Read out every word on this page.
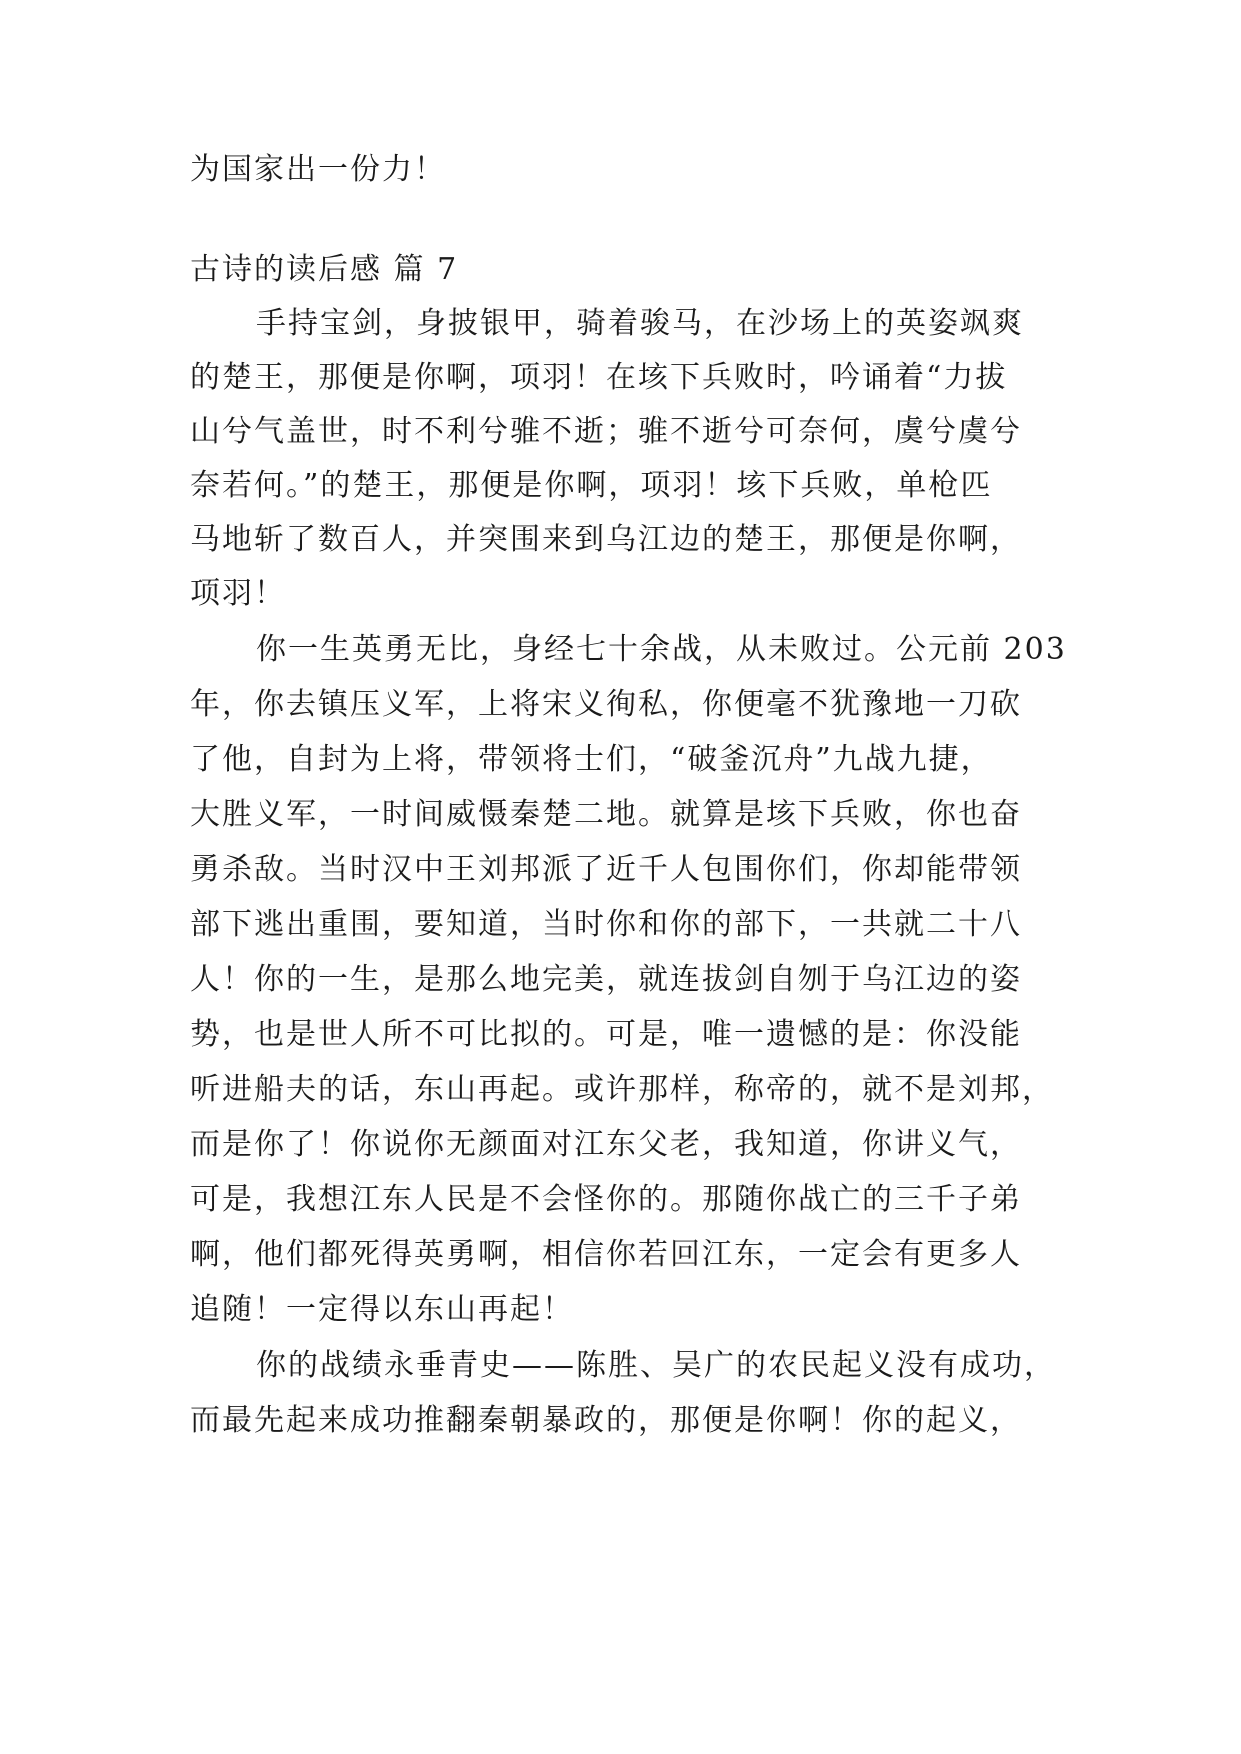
为国家出一份力！
古诗的读后感 篇 7
手持宝剑，身披银甲，骑着骏马，在沙场上的英姿飒爽
的楚王，那便是你啊，项羽！在垓下兵败时，吟诵着“力拔
山兮气盖世，时不利兮骓不逝；骓不逝兮可奈何，虞兮虞兮
奈若何。”的楚王，那便是你啊，项羽！垓下兵败，单枪匹
马地斩了数百人，并突围来到乌江边的楚王，那便是你啊，
项羽！
你一生英勇无比，身经七十余战，从未败过。公元前 203
年，你去镇压义军，上将宋义徇私，你便毫不犹豫地一刀砍
了他，自封为上将，带领将士们，“破釜沉舟”九战九捷，
大胜义军，一时间威慑秦楚二地。就算是垓下兵败，你也奋
勇杀敌。当时汉中王刘邦派了近千人包围你们，你却能带领
部下逃出重围，要知道，当时你和你的部下，一共就二十八
人！你的一生，是那么地完美，就连拔剑自刎于乌江边的姿
势，也是世人所不可比拟的。可是，唯一遗憾的是：你没能
听进船夫的话，东山再起。或许那样，称帝的，就不是刘邦，
而是你了！你说你无颜面对江东父老，我知道，你讲义气，
可是，我想江东人民是不会怪你的。那随你战亡的三千子弟
啊，他们都死得英勇啊，相信你若回江东，一定会有更多人
追随！一定得以东山再起！
你的战绩永垂青史——陈胜、吴广的农民起义没有成功，
而最先起来成功推翻秦朝暴政的，那便是你啊！你的起义，
